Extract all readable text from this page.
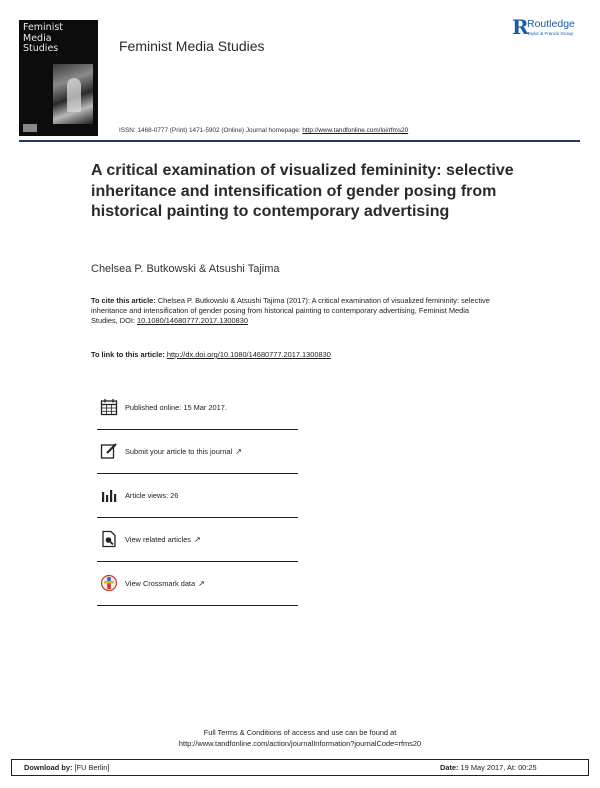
Feminist
Media
Studies	Feminist Media Studies
R
Routledge
Taylor & Francis Group
ISSN: 1468-0777 (Print) 1471-5902 (Online) Journal homepage: http://www.tandfonline.com/loi/rfms20
A critical examination of visualized femininity: selective inheritance and intensification of gender posing from historical painting to contemporary advertising
Chelsea P. Butkowski & Atsushi Tajima
To cite this article: Chelsea P. Butkowski & Atsushi Tajima (2017): A critical examination of visualized femininity: selective inheritance and intensification of gender posing from historical painting to contemporary advertising, Feminist Media Studies, DOI: 10.1080/14680777.2017.1300830
To link to this article: http://dx.doi.org/10.1080/14680777.2017.1300830
Published online: 15 Mar 2017.
Submit your article to this journal ↗
Article views: 26
View related articles ↗
View Crossmark data ↗
Full Terms & Conditions of access and use can be found at
http://www.tandfonline.com/action/journalInformation?journalCode=rfms20
Download by: [FU Berlin]	Date: 19 May 2017, At: 00:25
